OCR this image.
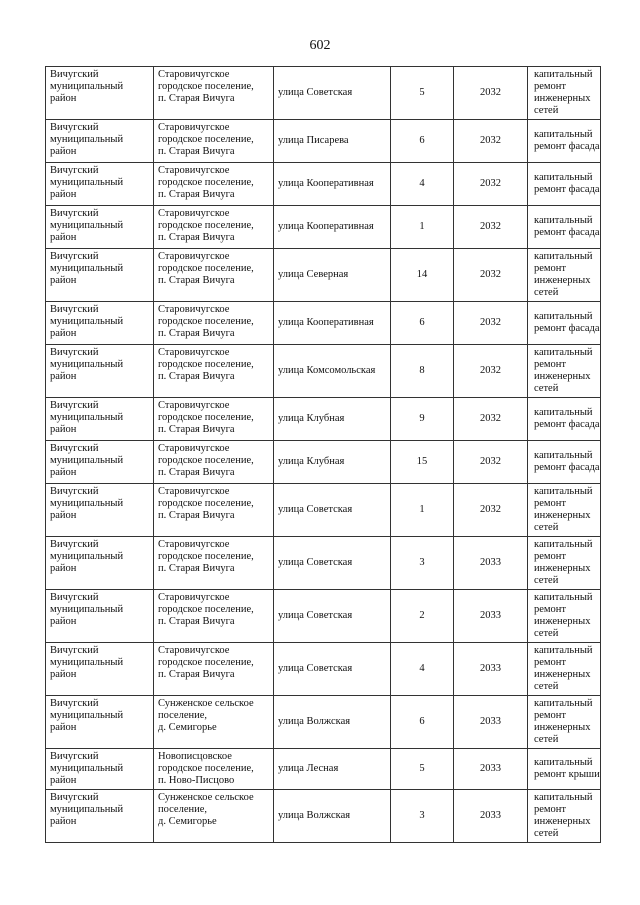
602
Вичугский
муниципальный
район	Старовичугское
городское поселение,
п. Старая Вичуга	улица Советская	5	2032	капитальный
ремонт
инженерных
сетей

Вичугский
муниципальный
район	Старовичугское
городское поселение,
п. Старая Вичуга	улица Писарева	6	2032	капитальный
ремонт фасада

Вичугский
муниципальный
район	Старовичугское
городское поселение,
п. Старая Вичуга	улица Кооперативная	4	2032	капитальный
ремонт фасада

Вичугский
муниципальный
район	Старовичугское
городское поселение,
п. Старая Вичуга	улица Кооперативная	1	2032	капитальный
ремонт фасада

Вичугский
муниципальный
район	Старовичугское
городское поселение,
п. Старая Вичуга	улица Северная	14	2032	капитальный
ремонт
инженерных
сетей

Вичугский
муниципальный
район	Старовичугское
городское поселение,
п. Старая Вичуга	улица Кооперативная	6	2032	капитальный
ремонт фасада

Вичугский
муниципальный
район	Старовичугское
городское поселение,
п. Старая Вичуга	улица Комсомольская	8	2032	капитальный
ремонт
инженерных
сетей

Вичугский
муниципальный
район	Старовичугское
городское поселение,
п. Старая Вичуга	улица Клубная	9	2032	капитальный
ремонт фасада

Вичугский
муниципальный
район	Старовичугское
городское поселение,
п. Старая Вичуга	улица Клубная	15	2032	капитальный
ремонт фасада

Вичугский
муниципальный
район	Старовичугское
городское поселение,
п. Старая Вичуга	улица Советская	1	2032	капитальный
ремонт
инженерных
сетей

Вичугский
муниципальный
район	Старовичугское
городское поселение,
п. Старая Вичуга	улица Советская	3	2033	капитальный
ремонт
инженерных
сетей

Вичугский
муниципальный
район	Старовичугское
городское поселение,
п. Старая Вичуга	улица Советская	2	2033	капитальный
ремонт
инженерных
сетей

Вичугский
муниципальный
район	Старовичугское
городское поселение,
п. Старая Вичуга	улица Советская	4	2033	капитальный
ремонт
инженерных
сетей

Вичугский
муниципальный
район	Сунженское сельское
поселение,
д. Семигорье	улица Волжская	6	2033	капитальный
ремонт
инженерных
сетей

Вичугский
муниципальный
район	Новописцовское
городское поселение,
п. Ново-Писцово	улица Лесная	5	2033	капитальный
ремонт крыши

Вичугский
муниципальный
район	Сунженское сельское
поселение,
д. Семигорье	улица Волжская	3	2033	капитальный
ремонт
инженерных
сетей
